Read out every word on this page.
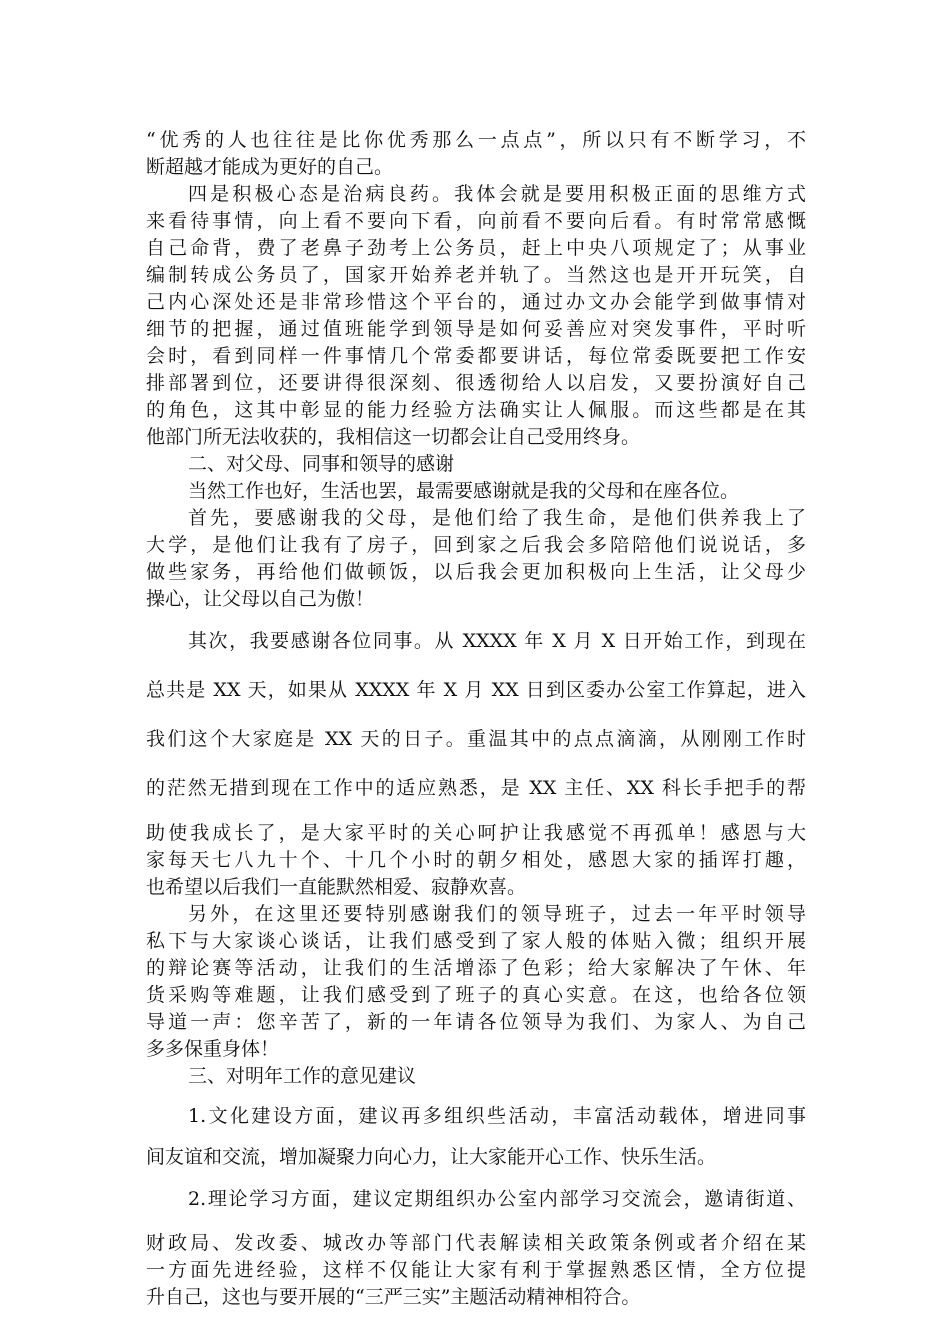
“优秀的人也往往是比你优秀那么一点点”，所以只有不断学习，不
断超越才能成为更好的自己。
四是积极心态是治病良药。我体会就是要用积极正面的思维方式
来看待事情，向上看不要向下看，向前看不要向后看。有时常常感慨
自己命背，费了老鼻子劲考上公务员，赶上中央八项规定了；从事业
编制转成公务员了，国家开始养老并轨了。当然这也是开开玩笑，自
己内心深处还是非常珍惜这个平台的，通过办文办会能学到做事情对
细节的把握，通过值班能学到领导是如何妥善应对突发事件，平时听
会时，看到同样一件事情几个常委都要讲话，每位常委既要把工作安
排部署到位，还要讲得很深刻、很透彻给人以启发，又要扮演好自己
的角色，这其中彰显的能力经验方法确实让人佩服。而这些都是在其
他部门所无法收获的，我相信这一切都会让自己受用终身。
二、对父母、同事和领导的感谢
当然工作也好，生活也罢，最需要感谢就是我的父母和在座各位。
首先，要感谢我的父母，是他们给了我生命，是他们供养我上了
大学，是他们让我有了房子，回到家之后我会多陪陪他们说说话，多
做些家务，再给他们做顿饭，以后我会更加积极向上生活，让父母少
操心，让父母以自己为傲！
其次，我要感谢各位同事。从 XXXX 年 X 月 X 日开始工作，到现在
总共是 XX 天，如果从 XXXX 年 X 月 XX 日到区委办公室工作算起，进入
我们这个大家庭是 XX 天的日子。重温其中的点点滴滴，从刚刚工作时
的茫然无措到现在工作中的适应熟悉，是 XX 主任、XX 科长手把手的帮
助使我成长了，是大家平时的关心呵护让我感觉不再孤单！感恩与大
家每天七八九十个、十几个小时的朝夕相处，感恩大家的插诨打趣，
也希望以后我们一直能默然相爱、寂静欢喜。
另外，在这里还要特别感谢我们的领导班子，过去一年平时领导
私下与大家谈心谈话，让我们感受到了家人般的体贴入微；组织开展
的辩论赛等活动，让我们的生活增添了色彩；给大家解决了午休、年
货采购等难题，让我们感受到了班子的真心实意。在这，也给各位领
导道一声：您辛苦了，新的一年请各位领导为我们、为家人、为自己
多多保重身体！
三、对明年工作的意见建议
1.文化建设方面，建议再多组织些活动，丰富活动载体，增进同事
间友谊和交流，增加凝聚力向心力，让大家能开心工作、快乐生活。
2.理论学习方面，建议定期组织办公室内部学习交流会，邀请街道、
财政局、发改委、城改办等部门代表解读相关政策条例或者介绍在某
一方面先进经验，这样不仅能让大家有利于掌握熟悉区情，全方位提
升自己，这也与要开展的“三严三实”主题活动精神相符合。
